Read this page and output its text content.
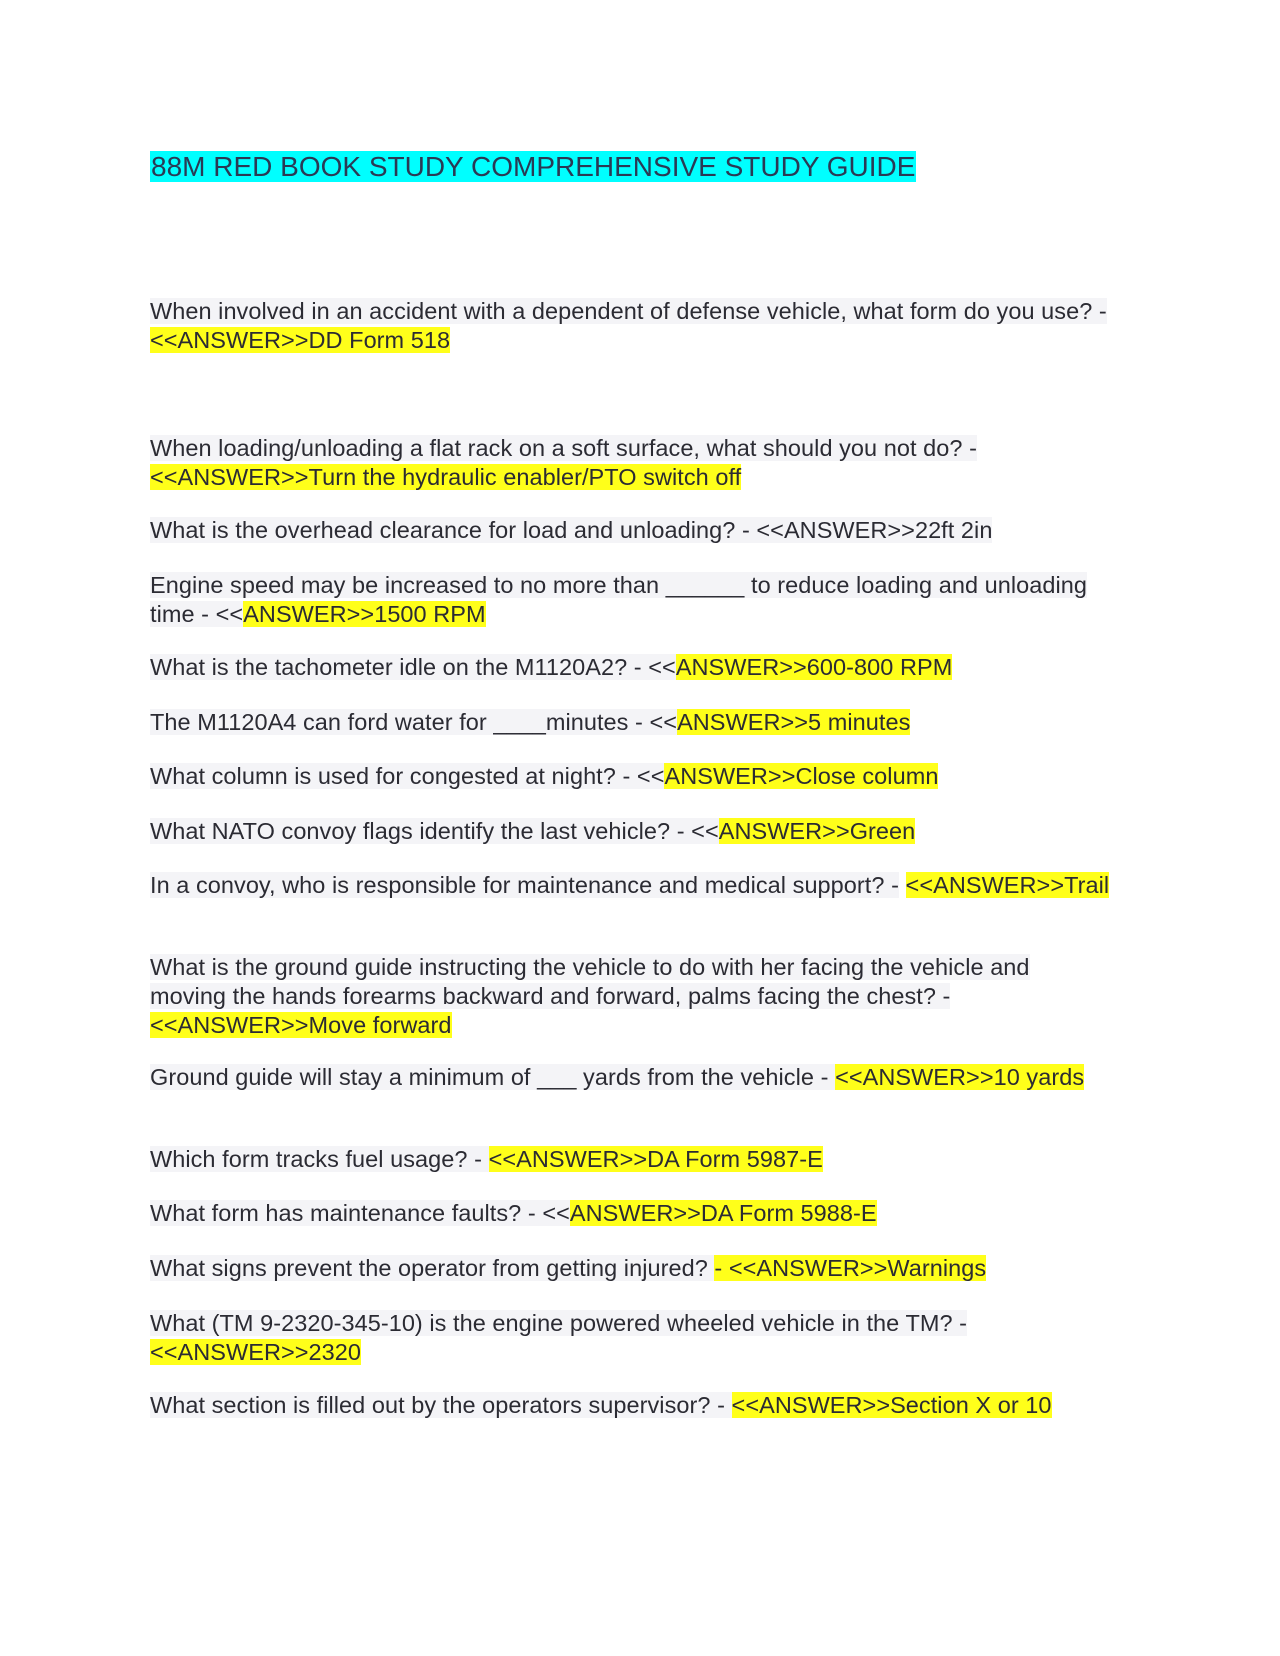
88M RED BOOK STUDY COMPREHENSIVE STUDY GUIDE

When involved in an accident with a dependent of defense vehicle, what form do you use? - <<ANSWER>>DD Form 518

When loading/unloading a flat rack on a soft surface, what should you not do? - <<ANSWER>>Turn the hydraulic enabler/PTO switch off

What is the overhead clearance for load and unloading? - <<ANSWER>>22ft 2in

Engine speed may be increased to no more than ______ to reduce loading and unloading time - <<ANSWER>>1500 RPM

What is the tachometer idle on the M1120A2? - <<ANSWER>>600-800 RPM

The M1120A4 can ford water for ____minutes - <<ANSWER>>5 minutes

What column is used for congested at night? - <<ANSWER>>Close column

What NATO convoy flags identify the last vehicle? - <<ANSWER>>Green

In a convoy, who is responsible for maintenance and medical support? - <<ANSWER>>Trail

What is the ground guide instructing the vehicle to do with her facing the vehicle and moving the hands forearms backward and forward, palms facing the chest? - <<ANSWER>>Move forward

Ground guide will stay a minimum of ___ yards from the vehicle - <<ANSWER>>10 yards

Which form tracks fuel usage? - <<ANSWER>>DA Form 5987-E

What form has maintenance faults? - <<ANSWER>>DA Form 5988-E

What signs prevent the operator from getting injured? - <<ANSWER>>Warnings

What (TM 9-2320-345-10) is the engine powered wheeled vehicle in the TM? - <<ANSWER>>2320

What section is filled out by the operators supervisor? - <<ANSWER>>Section X or 10
